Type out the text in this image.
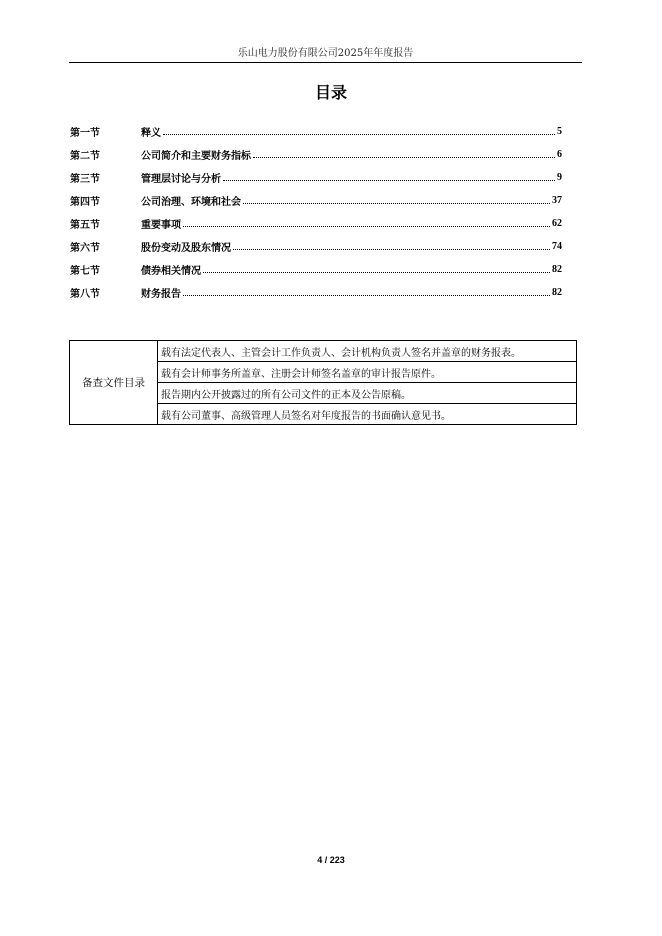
乐山电力股份有限公司2025年年度报告
目录
第一节	释义	5
第二节	公司简介和主要财务指标	6
第三节	管理层讨论与分析	9
第四节	公司治理、环境和社会	37
第五节	重要事项	62
第六节	股份变动及股东情况	74
第七节	债券相关情况	82
第八节	财务报告	82
备查文件目录	载有法定代表人、主管会计工作负责人、会计机构负责人签名并盖章的财务报表。
载有会计师事务所盖章、注册会计师签名盖章的审计报告原件。
报告期内公开披露过的所有公司文件的正本及公告原稿。
载有公司董事、高级管理人员签名对年度报告的书面确认意见书。
4 / 223
